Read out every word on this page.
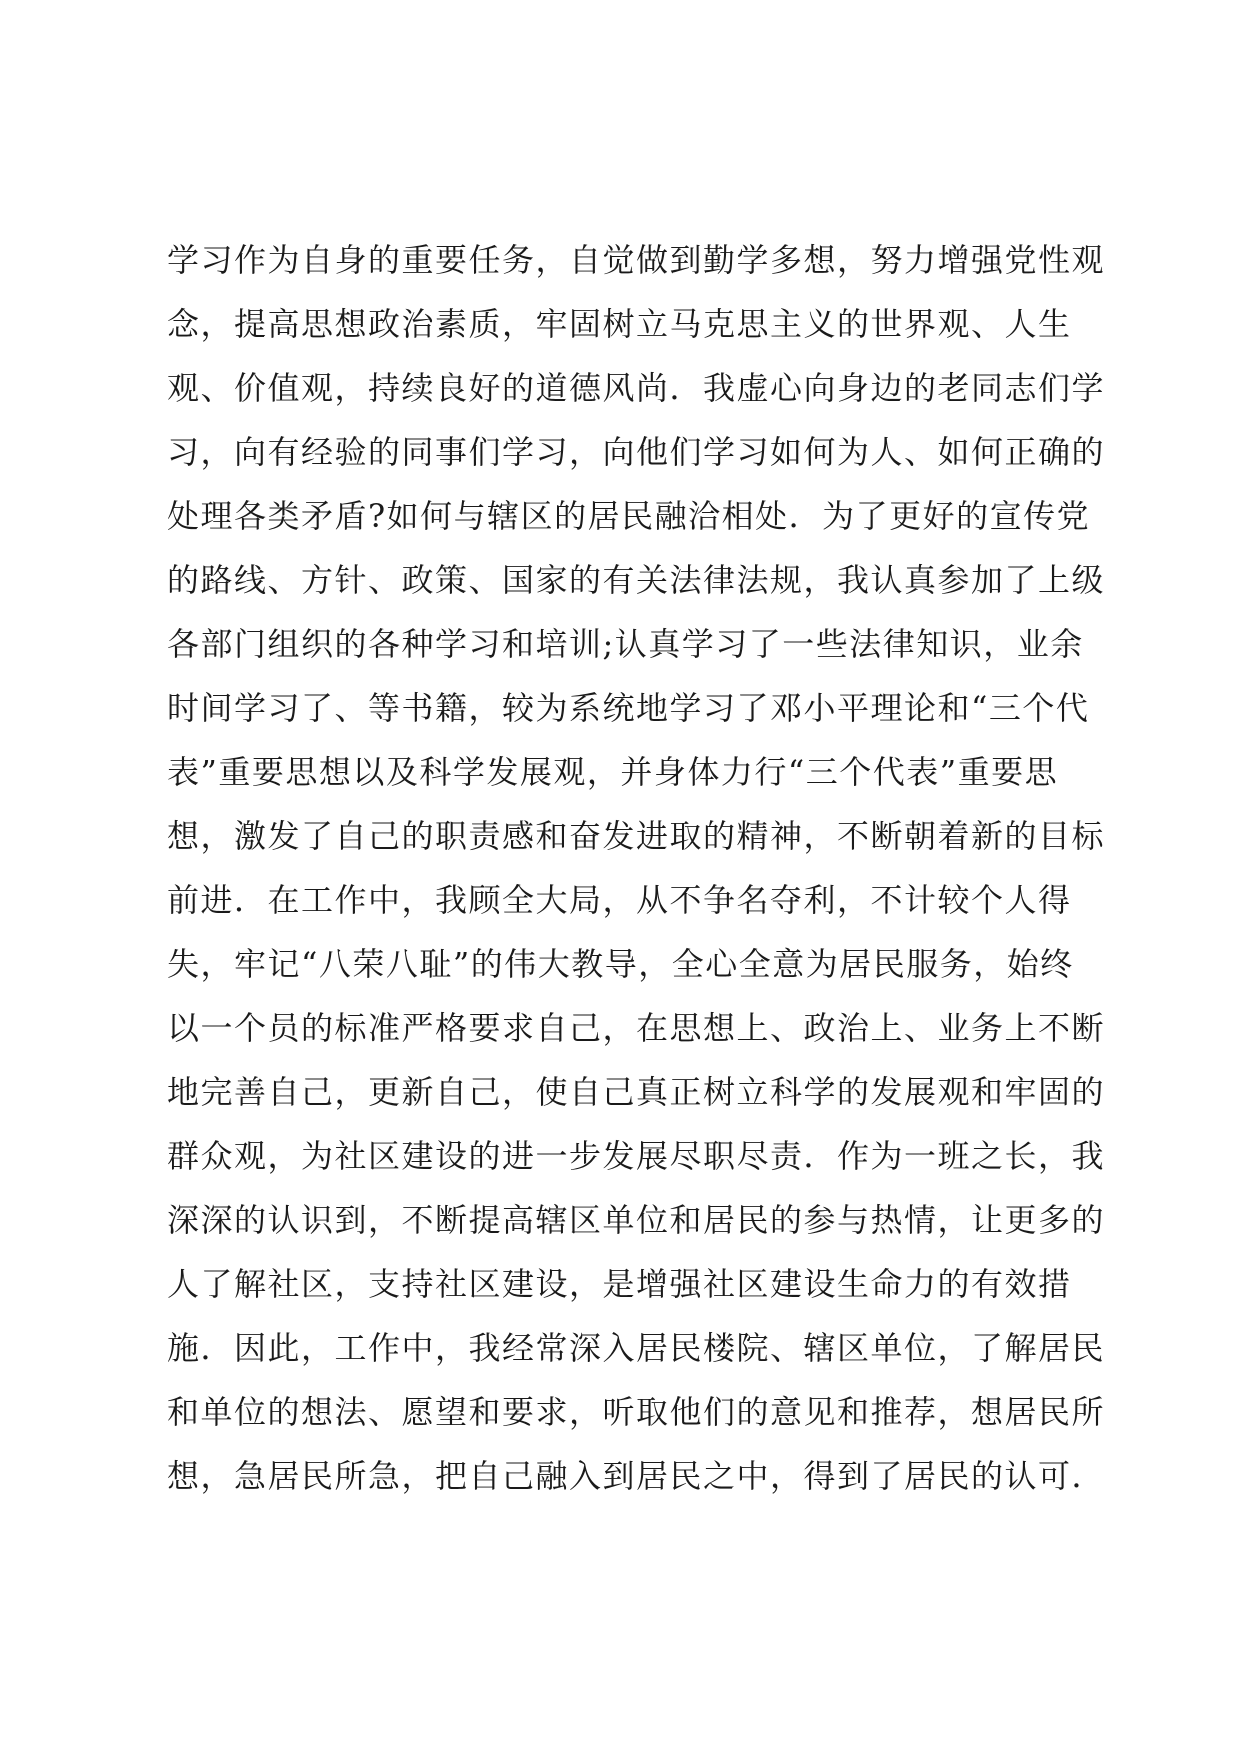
学习作为自身的重要任务，自觉做到勤学多想，努力增强党性观
念，提高思想政治素质，牢固树立马克思主义的世界观、人生
观、价值观，持续良好的道德风尚．我虚心向身边的老同志们学
习，向有经验的同事们学习，向他们学习如何为人、如何正确的
处理各类矛盾?如何与辖区的居民融洽相处．为了更好的宣传党
的路线、方针、政策、国家的有关法律法规，我认真参加了上级
各部门组织的各种学习和培训;认真学习了一些法律知识，业余
时间学习了、等书籍，较为系统地学习了邓小平理论和“三个代
表”重要思想以及科学发展观，并身体力行“三个代表”重要思
想，激发了自己的职责感和奋发进取的精神，不断朝着新的目标
前进．在工作中，我顾全大局，从不争名夺利，不计较个人得
失，牢记“八荣八耻”的伟大教导，全心全意为居民服务，始终
以一个员的标准严格要求自己，在思想上、政治上、业务上不断
地完善自己，更新自己，使自己真正树立科学的发展观和牢固的
群众观，为社区建设的进一步发展尽职尽责．作为一班之长，我
深深的认识到，不断提高辖区单位和居民的参与热情，让更多的
人了解社区，支持社区建设，是增强社区建设生命力的有效措
施．因此，工作中，我经常深入居民楼院、辖区单位，了解居民
和单位的想法、愿望和要求，听取他们的意见和推荐，想居民所
想，急居民所急，把自己融入到居民之中，得到了居民的认可．
